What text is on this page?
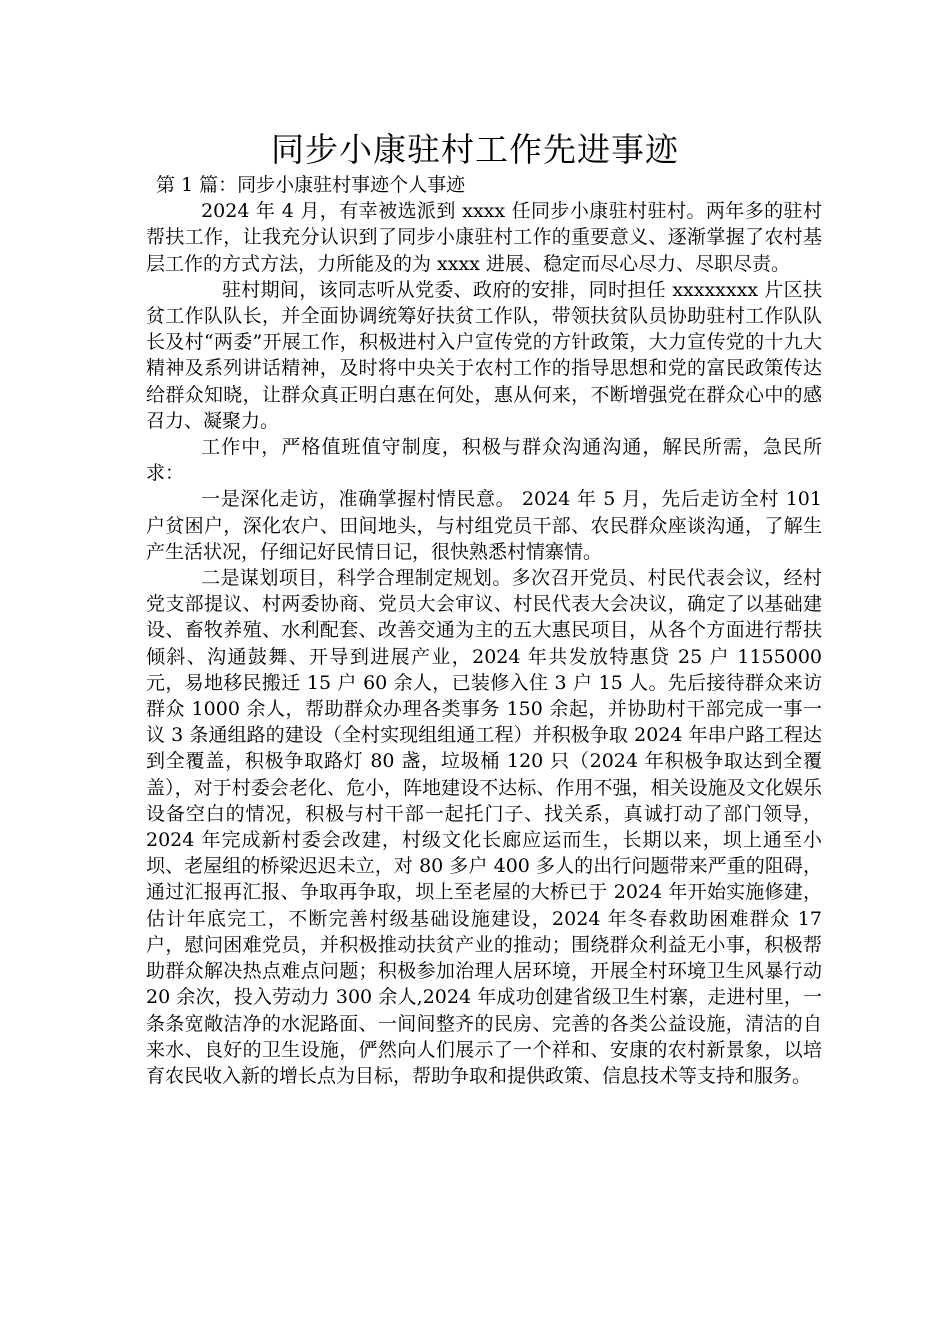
同步小康驻村工作先进事迹

第 1 篇：同步小康驻村事迹个人事迹

2024 年 4 月，有幸被选派到 xxxx 任同步小康驻村驻村。两年多的驻村帮扶工作，让我充分认识到了同步小康驻村工作的重要意义、逐渐掌握了农村基层工作的方式方法，力所能及的为 xxxx 进展、稳定而尽心尽力、尽职尽责。

驻村期间，该同志听从党委、政府的安排，同时担任 xxxxxxxx 片区扶贫工作队队长，并全面协调统筹好扶贫工作队，带领扶贫队员协助驻村工作队队长及村“两委”开展工作，积极进村入户宣传党的方针政策，大力宣传党的十九大精神及系列讲话精神，及时将中央关于农村工作的指导思想和党的富民政策传达给群众知晓，让群众真正明白惠在何处，惠从何来，不断增强党在群众心中的感召力、凝聚力。

工作中，严格值班值守制度，积极与群众沟通沟通，解民所需，急民所求：

一是深化走访，准确掌握村情民意。 2024 年 5 月，先后走访全村 101 户贫困户，深化农户、田间地头，与村组党员干部、农民群众座谈沟通，了解生产生活状况，仔细记好民情日记，很快熟悉村情寨情。

二是谋划项目，科学合理制定规划。多次召开党员、村民代表会议，经村党支部提议、村两委协商、党员大会审议、村民代表大会决议，确定了以基础建设、畜牧养殖、水利配套、改善交通为主的五大惠民项目，从各个方面进行帮扶倾斜、沟通鼓舞、开导到进展产业，2024 年共发放特惠贷 25 户 1155000 元，易地移民搬迁 15 户 60 余人，已装修入住 3 户 15 人。先后接待群众来访群众 1000 余人，帮助群众办理各类事务 150 余起，并协助村干部完成一事一议 3 条通组路的建设（全村实现组组通工程）并积极争取 2024 年串户路工程达到全覆盖，积极争取路灯 80 盏，垃圾桶 120 只（2024 年积极争取达到全覆盖），对于村委会老化、危小，阵地建设不达标、作用不强，相关设施及文化娱乐设备空白的情况，积极与村干部一起托门子、找关系，真诚打动了部门领导，2024 年完成新村委会改建，村级文化长廊应运而生，长期以来，坝上通至小坝、老屋组的桥梁迟迟未立，对 80 多户 400 多人的出行问题带来严重的阻碍，通过汇报再汇报、争取再争取，坝上至老屋的大桥已于 2024 年开始实施修建，估计年底完工，不断完善村级基础设施建设，2024 年冬春救助困难群众 17 户，慰问困难党员，并积极推动扶贫产业的推动；围绕群众利益无小事，积极帮助群众解决热点难点问题；积极参加治理人居环境，开展全村环境卫生风暴行动 20 余次，投入劳动力 300 余人,2024 年成功创建省级卫生村寨，走进村里，一条条宽敞洁净的水泥路面、一间间整齐的民房、完善的各类公益设施，清洁的自来水、良好的卫生设施，俨然向人们展示了一个祥和、安康的农村新景象，以培育农民收入新的增长点为目标，帮助争取和提供政策、信息技术等支持和服务。
